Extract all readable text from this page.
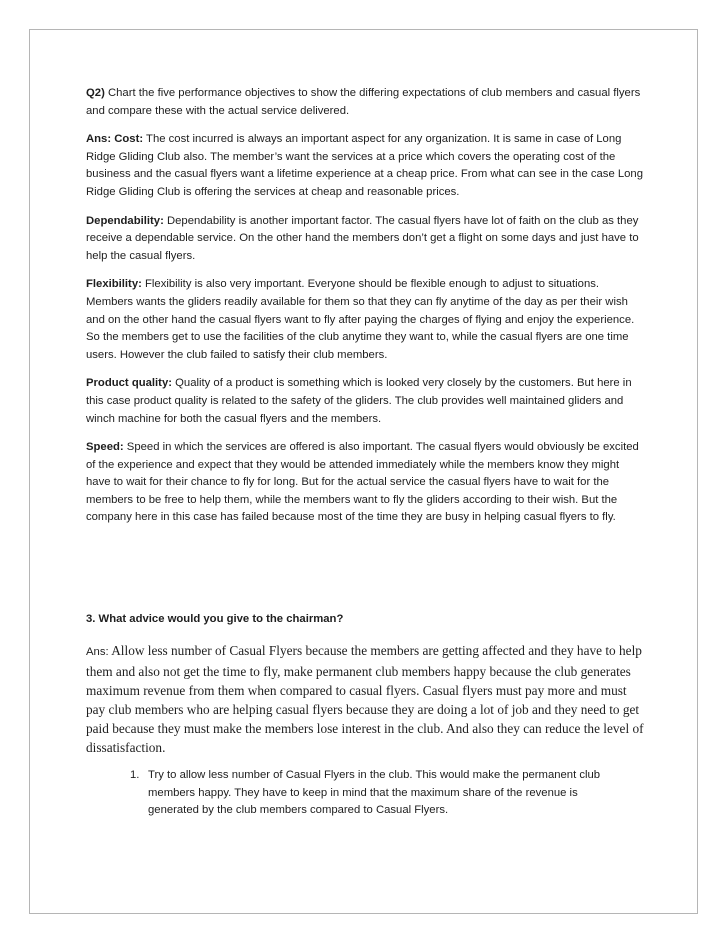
Q2) Chart the five performance objectives to show the differing expectations of club members and casual flyers and compare these with the actual service delivered.

Ans: Cost: The cost incurred is always an important aspect for any organization. It is same in case of Long Ridge Gliding Club also. The member’s want the services at a price which covers the operating cost of the business and the casual flyers want a lifetime experience at a cheap price. From what can see in the case Long Ridge Gliding Club is offering the services at cheap and reasonable prices.

Dependability: Dependability is another important factor. The casual flyers have lot of faith on the club as they receive a dependable service. On the other hand the members don’t get a flight on some days and just have to help the casual flyers.

Flexibility: Flexibility is also very important. Everyone should be flexible enough to adjust to situations. Members wants the gliders readily available for them so that they can fly anytime of the day as per their wish and on the other hand the casual flyers want to fly after paying the charges of flying and enjoy the experience. So the members get to use the facilities of the club anytime they want to, while the casual flyers are one time users. However the club failed to satisfy their club members.

Product quality: Quality of a product is something which is looked very closely by the customers. But here in this case product quality is related to the safety of the gliders. The club provides well maintained gliders and winch machine for both the casual flyers and the members.

Speed: Speed in which the services are offered is also important. The casual flyers would obviously be excited of the experience and expect that they would be attended immediately while the members know they might have to wait for their chance to fly for long. But for the actual service the casual flyers have to wait for the members to be free to help them, while the members want to fly the gliders according to their wish. But the company here in this case has failed because most of the time they are busy in helping casual flyers to fly.

3. What advice would you give to the chairman?

Ans: Allow less number of Casual Flyers because the members are getting affected and they have to help them and also not get the time to fly, make permanent club members happy because the club generates maximum revenue from them when compared to casual flyers. Casual flyers must pay more and must pay club members who are helping casual flyers because they are doing a lot of job and they need to get paid because they must make the members lose interest in the club. And also they can reduce the level of dissatisfaction.

1. Try to allow less number of Casual Flyers in the club. This would make the permanent club members happy. They have to keep in mind that the maximum share of the revenue is generated by the club members compared to Casual Flyers.
